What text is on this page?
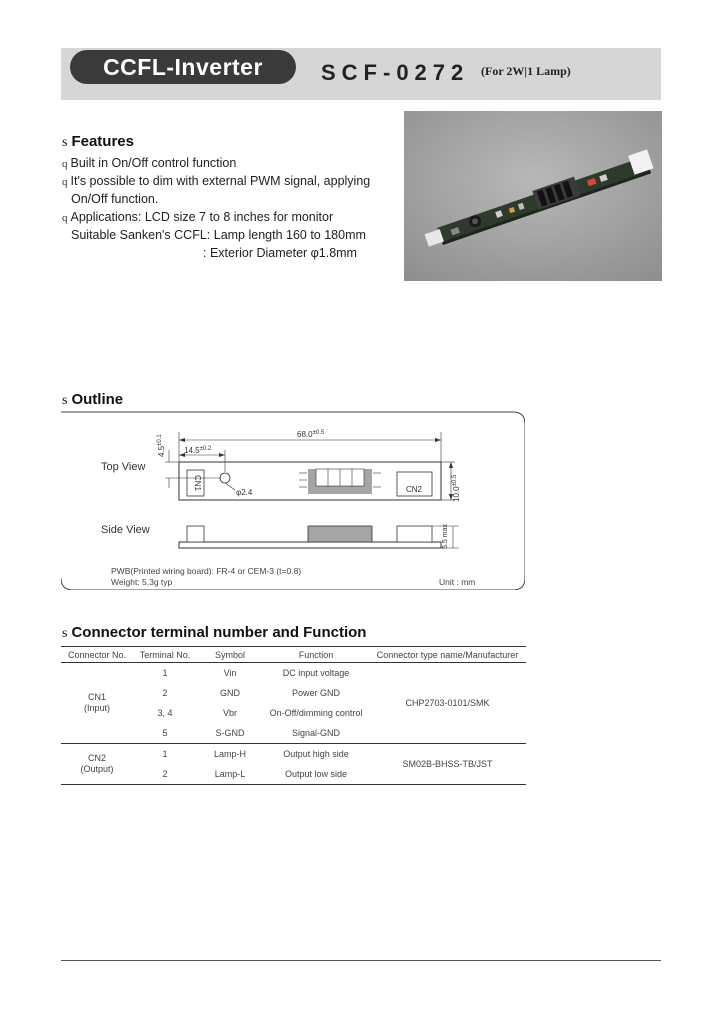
CCFL-Inverter	SCF-0272 (For 2W|1 Lamp)
s Features
q Built in On/Off control function
q It's possible to dim with external PWM signal, applying
On/Off function.
q Applications: LCD size 7 to 8 inches for monitor
Suitable Sanken's CCFL: Lamp length 160 to 180mm
: Exterior Diameter φ1.8mm
s Outline
Top View
Side View
CN1
φ2.4	CN2
$68.0^{\pm 0.5}$
$14.5^{\pm 0.2}$
$4.5^{\pm 0.1}$
$10.0^{\pm 0.5}$
5.5 max
PWB(Printed wiring board): FR-4 or CEM-3 (t=0.8)
Weight: 5.3g typ	Unit : mm
s Connector terminal number and Function
Connector No.	Terminal No.	Symbol	Function	Connector type name/Manufacturer
CN1
(Input)	1	Vin	DC input voltage	CHP2703-0101/SMK
	2	GND	Power GND	
	3, 4	Vbr	On-Off/dimming control	
	5	S-GND	Signal-GND	
CN2
(Output)	1	Lamp-H	Output high side	SM02B-BHSS-TB/JST
	2	Lamp-L	Output low side	
